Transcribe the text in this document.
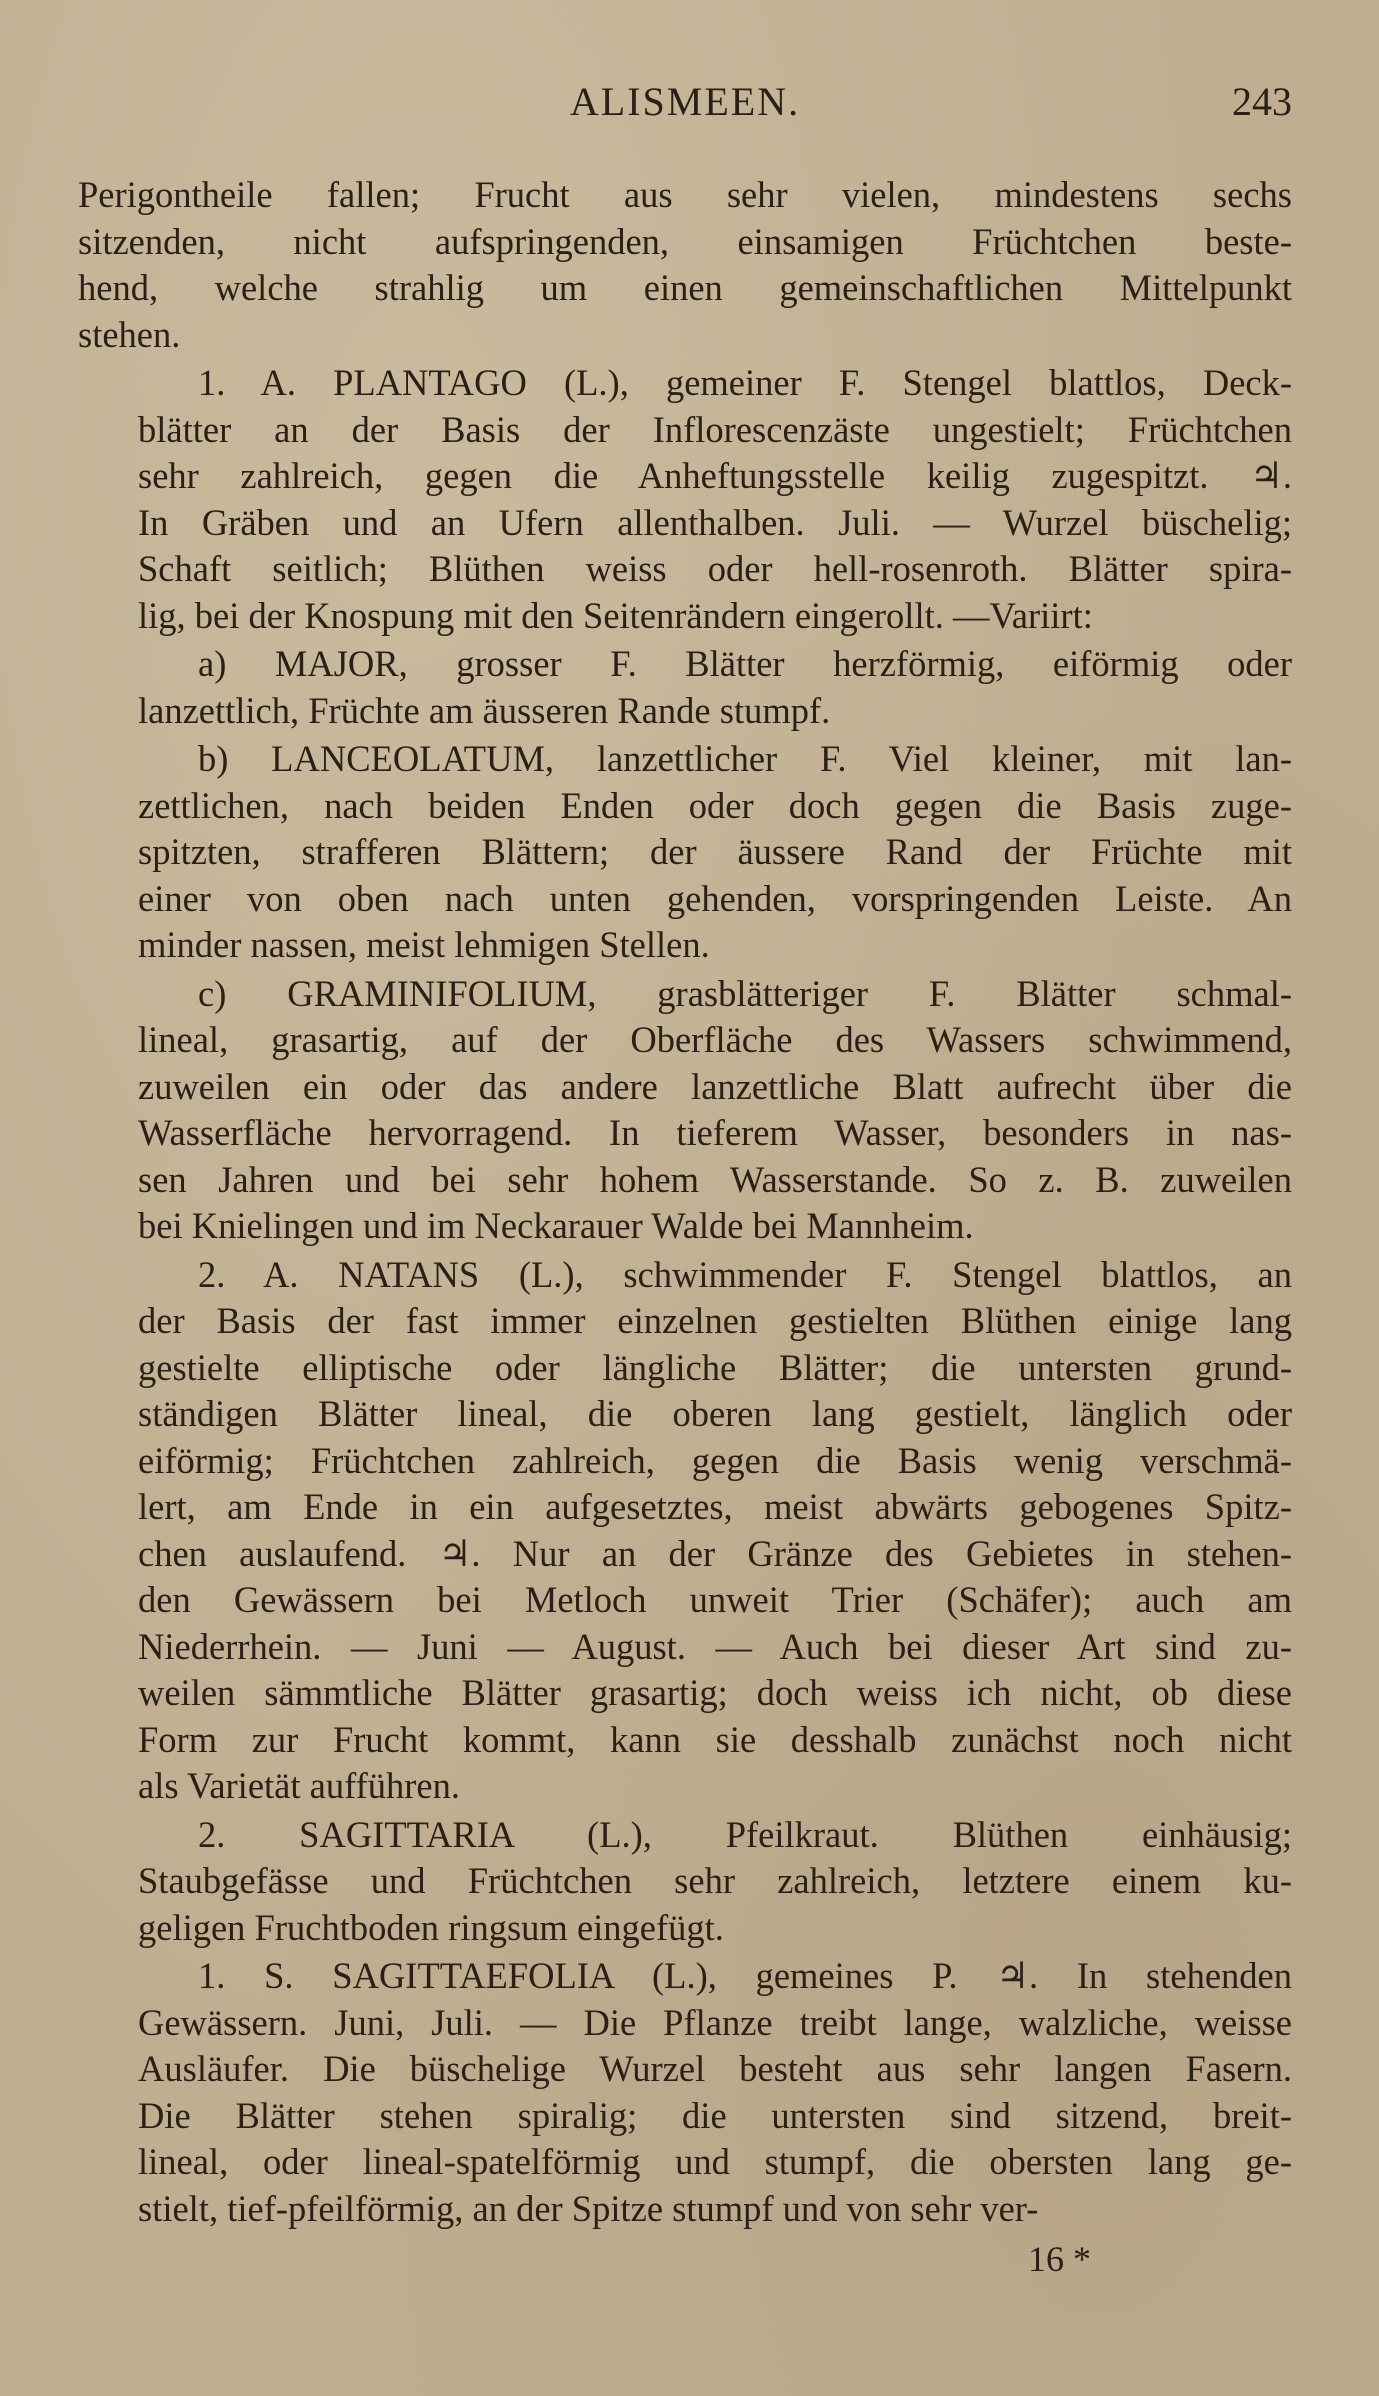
ALISMEEN.	243
Perigontheile fallen; Frucht aus sehr vielen, mindestens sechs
sitzenden, nicht aufspringenden, einsamigen Früchtchen beste-
hend, welche strahlig um einen gemeinschaftlichen Mittelpunkt
stehen.
1. A. PLANTAGO (L.), gemeiner F. Stengel blattlos, Deck-
blätter an der Basis der Inflorescenzäste ungestielt; Früchtchen
sehr zahlreich, gegen die Anheftungsstelle keilig zugespitzt. ♃.
In Gräben und an Ufern allenthalben. Juli. — Wurzel büschelig;
Schaft seitlich; Blüthen weiss oder hell-rosenroth. Blätter spira-
lig, bei der Knospung mit den Seitenrändern eingerollt. —Variirt:
a) MAJOR, grosser F. Blätter herzförmig, eiförmig oder
lanzettlich, Früchte am äusseren Rande stumpf.
b) LANCEOLATUM, lanzettlicher F. Viel kleiner, mit lan-
zettlichen, nach beiden Enden oder doch gegen die Basis zuge-
spitzten, strafferen Blättern; der äussere Rand der Früchte mit
einer von oben nach unten gehenden, vorspringenden Leiste. An
minder nassen, meist lehmigen Stellen.
c) GRAMINIFOLIUM, grasblätteriger F. Blätter schmal-
lineal, grasartig, auf der Oberfläche des Wassers schwimmend,
zuweilen ein oder das andere lanzettliche Blatt aufrecht über die
Wasserfläche hervorragend. In tieferem Wasser, besonders in nas-
sen Jahren und bei sehr hohem Wasserstande. So z. B. zuweilen
bei Knielingen und im Neckarauer Walde bei Mannheim.
2. A. NATANS (L.), schwimmender F. Stengel blattlos, an
der Basis der fast immer einzelnen gestielten Blüthen einige lang
gestielte elliptische oder längliche Blätter; die untersten grund-
ständigen Blätter lineal, die oberen lang gestielt, länglich oder
eiförmig; Früchtchen zahlreich, gegen die Basis wenig verschmä-
lert, am Ende in ein aufgesetztes, meist abwärts gebogenes Spitz-
chen auslaufend. ♃. Nur an der Gränze des Gebietes in stehen-
den Gewässern bei Metloch unweit Trier (Schäfer); auch am
Niederrhein. — Juni — August. — Auch bei dieser Art sind zu-
weilen sämmtliche Blätter grasartig; doch weiss ich nicht, ob diese
Form zur Frucht kommt, kann sie desshalb zunächst noch nicht
als Varietät aufführen.
2. SAGITTARIA (L.), Pfeilkraut. Blüthen einhäusig;
Staubgefässe und Früchtchen sehr zahlreich, letztere einem ku-
geligen Fruchtboden ringsum eingefügt.
1. S. SAGITTAEFOLIA (L.), gemeines P. ♃. In stehenden
Gewässern. Juni, Juli. — Die Pflanze treibt lange, walzliche, weisse
Ausläufer. Die büschelige Wurzel besteht aus sehr langen Fasern.
Die Blätter stehen spiralig; die untersten sind sitzend, breit-
lineal, oder lineal-spatelförmig und stumpf, die obersten lang ge-
stielt, tief-pfeilförmig, an der Spitze stumpf und von sehr ver-
16 *
